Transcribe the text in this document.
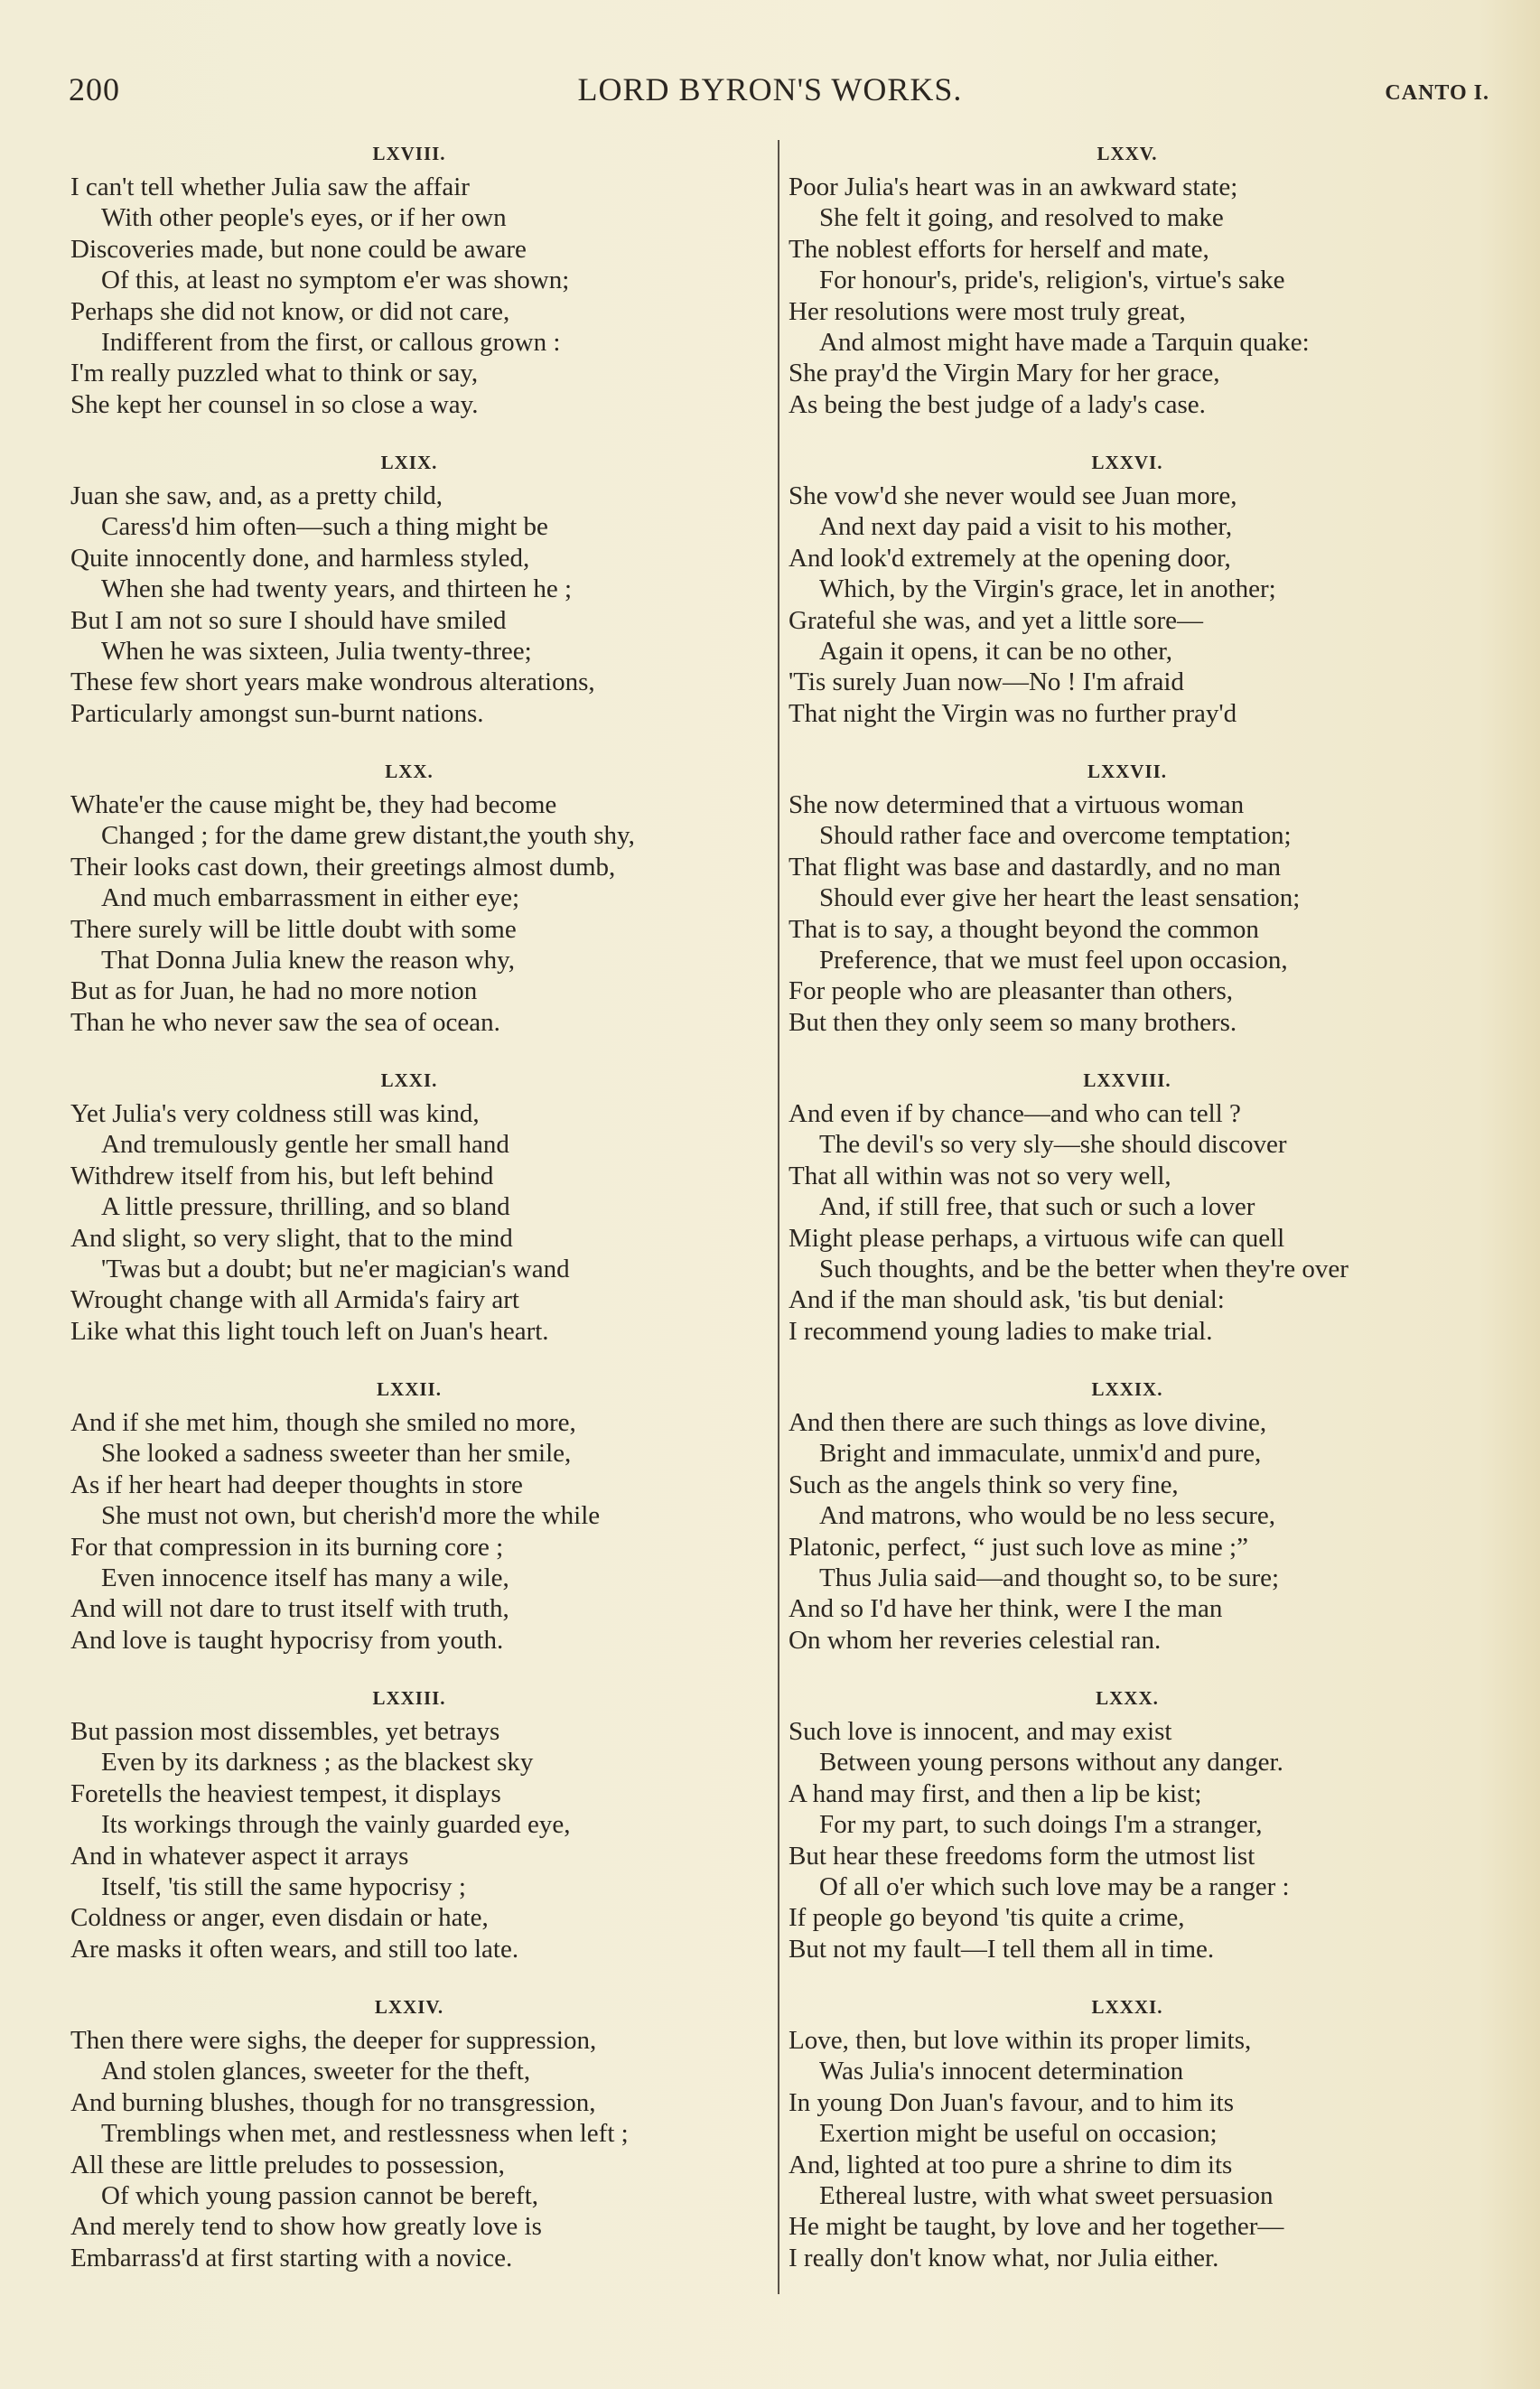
200	LORD BYRON'S WORKS.	CANTO I.
LXVIII.
I can't tell whether Julia saw the affair
With other people's eyes, or if her own
Discoveries made, but none could be aware
Of this, at least no symptom e'er was shown;
Perhaps she did not know, or did not care,
Indifferent from the first, or callous grown :
I'm really puzzled what to think or say,
She kept her counsel in so close a way.
LXIX.
Juan she saw, and, as a pretty child,
Caress'd him often—such a thing might be
Quite innocently done, and harmless styled,
When she had twenty years, and thirteen he ;
But I am not so sure I should have smiled
When he was sixteen, Julia twenty-three;
These few short years make wondrous alterations,
Particularly amongst sun-burnt nations.
LXX.
Whate'er the cause might be, they had become
Changed ; for the dame grew distant,the youth shy,
Their looks cast down, their greetings almost dumb,
And much embarrassment in either eye;
There surely will be little doubt with some
That Donna Julia knew the reason why,
But as for Juan, he had no more notion
Than he who never saw the sea of ocean.
LXXI.
Yet Julia's very coldness still was kind,
And tremulously gentle her small hand
Withdrew itself from his, but left behind
A little pressure, thrilling, and so bland
And slight, so very slight, that to the mind
'Twas but a doubt; but ne'er magician's wand
Wrought change with all Armida's fairy art
Like what this light touch left on Juan's heart.
LXXII.
And if she met him, though she smiled no more,
She looked a sadness sweeter than her smile,
As if her heart had deeper thoughts in store
She must not own, but cherish'd more the while
For that compression in its burning core ;
Even innocence itself has many a wile,
And will not dare to trust itself with truth,
And love is taught hypocrisy from youth.
LXXIII.
But passion most dissembles, yet betrays
Even by its darkness ; as the blackest sky
Foretells the heaviest tempest, it displays
Its workings through the vainly guarded eye,
And in whatever aspect it arrays
Itself, 'tis still the same hypocrisy ;
Coldness or anger, even disdain or hate,
Are masks it often wears, and still too late.
LXXIV.
Then there were sighs, the deeper for suppression,
And stolen glances, sweeter for the theft,
And burning blushes, though for no transgression,
Tremblings when met, and restlessness when left ;
All these are little preludes to possession,
Of which young passion cannot be bereft,
And merely tend to show how greatly love is
Embarrass'd at first starting with a novice.
LXXV.
Poor Julia's heart was in an awkward state;
She felt it going, and resolved to make
The noblest efforts for herself and mate,
For honour's, pride's, religion's, virtue's sake
Her resolutions were most truly great,
And almost might have made a Tarquin quake:
She pray'd the Virgin Mary for her grace,
As being the best judge of a lady's case.
LXXVI.
She vow'd she never would see Juan more,
And next day paid a visit to his mother,
And look'd extremely at the opening door,
Which, by the Virgin's grace, let in another;
Grateful she was, and yet a little sore—
Again it opens, it can be no other,
'Tis surely Juan now—No ! I'm afraid
That night the Virgin was no further pray'd
LXXVII.
She now determined that a virtuous woman
Should rather face and overcome temptation;
That flight was base and dastardly, and no man
Should ever give her heart the least sensation;
That is to say, a thought beyond the common
Preference, that we must feel upon occasion,
For people who are pleasanter than others,
But then they only seem so many brothers.
LXXVIII.
And even if by chance—and who can tell ?
The devil's so very sly—she should discover
That all within was not so very well,
And, if still free, that such or such a lover
Might please perhaps, a virtuous wife can quell
Such thoughts, and be the better when they're over
And if the man should ask, 'tis but denial:
I recommend young ladies to make trial.
LXXIX.
And then there are such things as love divine,
Bright and immaculate, unmix'd and pure,
Such as the angels think so very fine,
And matrons, who would be no less secure,
Platonic, perfect, “ just such love as mine ;”
Thus Julia said—and thought so, to be sure;
And so I'd have her think, were I the man
On whom her reveries celestial ran.
LXXX.
Such love is innocent, and may exist
Between young persons without any danger.
A hand may first, and then a lip be kist;
For my part, to such doings I'm a stranger,
But hear these freedoms form the utmost list
Of all o'er which such love may be a ranger :
If people go beyond 'tis quite a crime,
But not my fault—I tell them all in time.
LXXXI.
Love, then, but love within its proper limits,
Was Julia's innocent determination
In young Don Juan's favour, and to him its
Exertion might be useful on occasion;
And, lighted at too pure a shrine to dim its
Ethereal lustre, with what sweet persuasion
He might be taught, by love and her together—
I really don't know what, nor Julia either.
